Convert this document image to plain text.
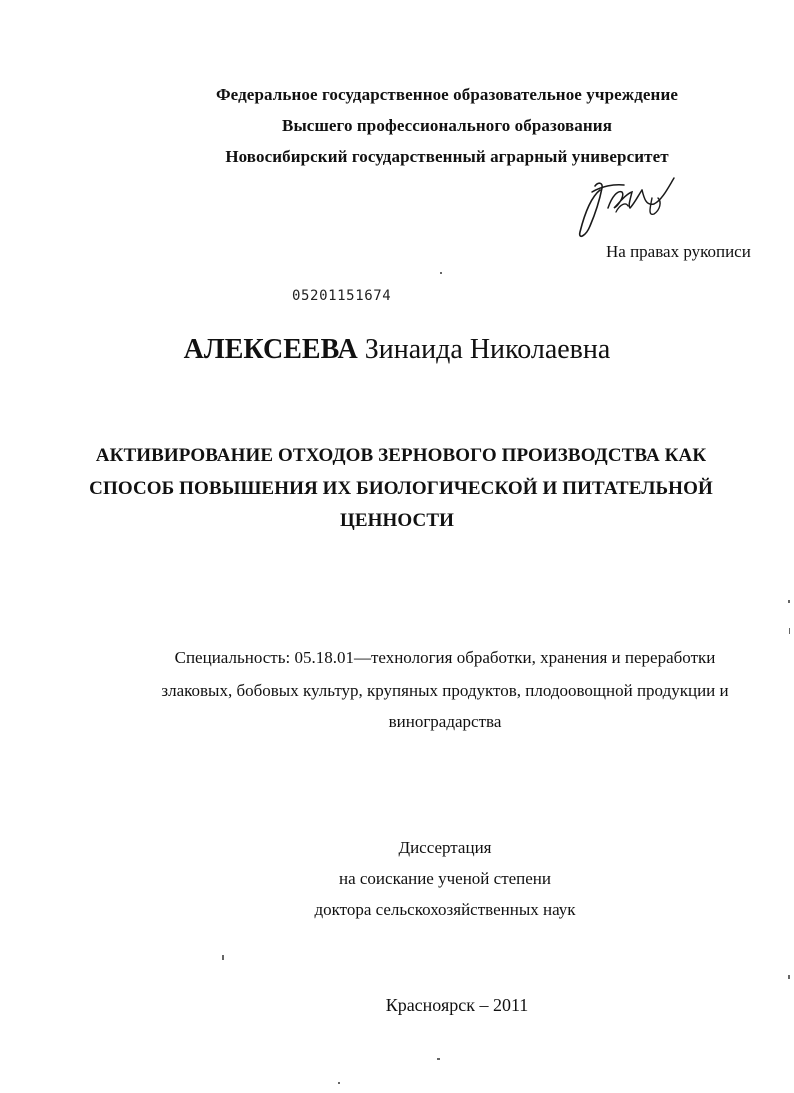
Федеральное государственное образовательное учреждение
Высшего профессионального образования
Новосибирский государственный аграрный университет
На правах рукописи
05201151674
АЛЕКСЕЕВА Зинаида Николаевна
АКТИВИРОВАНИЕ ОТХОДОВ ЗЕРНОВОГО ПРОИЗВОДСТВА КАК
СПОСОБ ПОВЫШЕНИЯ ИХ БИОЛОГИЧЕСКОЙ И ПИТАТЕЛЬНОЙ
ЦЕННОСТИ
Специальность: 05.18.01—технология обработки, хранения и переработки
злаковых, бобовых культур, крупяных продуктов, плодоовощной продукции и
виноградарства
Диссертация
на соискание ученой степени
доктора сельскохозяйственных наук
Красноярск – 2011
